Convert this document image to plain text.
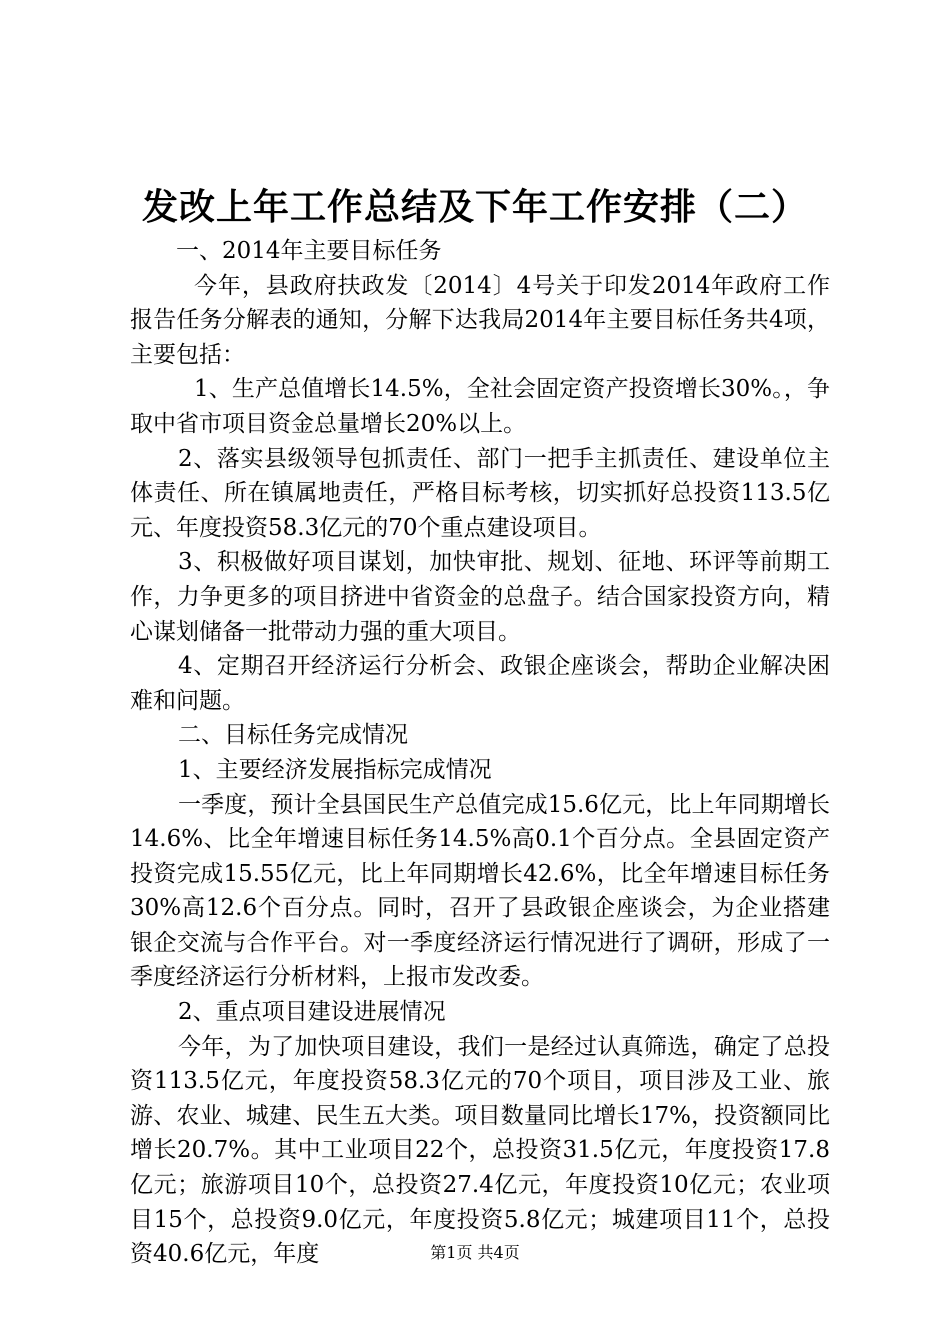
发改上年工作总结及下年工作安排（二）

一、2014年主要目标任务

今年，县政府扶政发〔2014〕4号关于印发2014年政府工作报告任务分解表的通知，分解下达我局2014年主要目标任务共4项，主要包括：

1、生产总值增长14.5%，全社会固定资产投资增长30%。，争取中省市项目资金总量增长20%以上。

2、落实县级领导包抓责任、部门一把手主抓责任、建设单位主体责任、所在镇属地责任，严格目标考核，切实抓好总投资113.5亿元、年度投资58.3亿元的70个重点建设项目。

3、积极做好项目谋划，加快审批、规划、征地、环评等前期工作，力争更多的项目挤进中省资金的总盘子。结合国家投资方向，精心谋划储备一批带动力强的重大项目。

4、定期召开经济运行分析会、政银企座谈会，帮助企业解决困难和问题。

二、目标任务完成情况

1、主要经济发展指标完成情况

一季度，预计全县国民生产总值完成15.6亿元，比上年同期增长14.6%、比全年增速目标任务14.5%高0.1个百分点。全县固定资产投资完成15.55亿元，比上年同期增长42.6%，比全年增速目标任务30%高12.6个百分点。同时，召开了县政银企座谈会，为企业搭建银企交流与合作平台。对一季度经济运行情况进行了调研，形成了一季度经济运行分析材料，上报市发改委。

2、重点项目建设进展情况

今年，为了加快项目建设，我们一是经过认真筛选，确定了总投资113.5亿元，年度投资58.3亿元的70个项目，项目涉及工业、旅游、农业、城建、民生五大类。项目数量同比增长17%，投资额同比增长20.7%。其中工业项目22个，总投资31.5亿元，年度投资17.8亿元；旅游项目10个，总投资27.4亿元，年度投资10亿元；农业项目15个，总投资9.0亿元，年度投资5.8亿元；城建项目11个，总投资40.6亿元，年度	第1页 共4页
